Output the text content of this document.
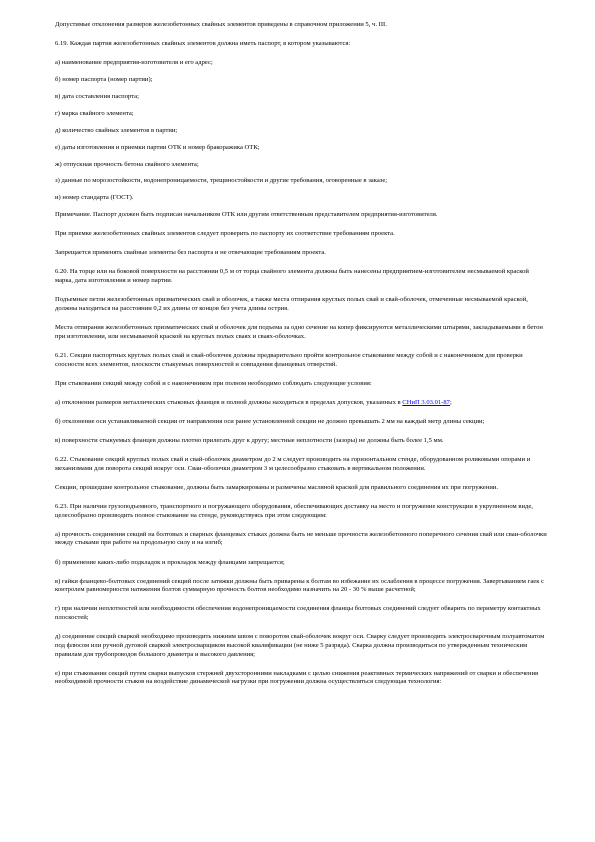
Допустимые отклонения размеров железобетонных свайных элементов приведены в справочном приложении 5, ч. III.

6.19. Каждая партия железобетонных свайных элементов должна иметь паспорт, в котором указываются:

а) наименование предприятия-изготовителя и его адрес;

б) номер паспорта (номер партии);

в) дата составления паспорта;

г) марка свайного элемента;

д) количество свайных элементов в партии;

е) даты изготовления и приемки партии ОТК и номер бракоражика ОТК;

ж) отпускная прочность бетона свайного элемента;

з) данные по морозостойкости, водонепроницаемости, трещиностойкости и другие требования, оговоренные в заказе;

и) номер стандарта (ГОСТ).

Примечание. Паспорт должен быть подписан начальником ОТК или другим ответственным представителем предприятия-изготовителя.

При приемке железобетонных свайных элементов следует проверить по паспорту их соответствие требованиям проекта.

Запрещается применять свайные элементы без паспорта и не отвечающие требованиям проекта.

6.20. На торце или на боковой поверхности на расстоянии 0,5 м от торца свайного элемента должны быть нанесены предприятием-изготовителем несмываемой краской марка, дата изготовления и номер партии.

Подъемные петли железобетонных призматических свай и оболочек, а также места отпирания круглых полых свай и свай-оболочек, отмеченные несмываемой краской, должны находиться на расстоянии 0,2 их длины от концов без учета длины острия.

Места отпирания железобетонных призматических свай и оболочек для подъема за одно сечение на копер фиксируются металлическими штырями, закладываемыми в бетон при изготовлении, или несмываемой краской на круглых полых сваях и сваях-оболочках.

6.21. Секции паспортных круглых полых свай и свай-оболочек должны предварительно пройти контрольное стыкование между собой и с наконечником для проверки соосности всех элементов, плоскости стыкуемых поверхностей и совпадения фланцевых отверстий.

При стыковании секций между собой и с наконечником при полном необходимо соблюдать следующие условия:

а) отклонения размеров металлических стыковых фланцев и полной должны находиться в пределах допусков, указанных в СНиП 3.03.01-87;

б) отклонение оси устанавливаемой секции от направления оси ранее установленной секции не должно превышать 2 мм на каждый метр длины секции;

в) поверхности стыкуемых фланцев должны плотно прилегать друг к другу; местные неплотности (зазоры) не должны быть более 1,5 мм.

6.22. Стыкование секций круглых полых свай и свай-оболочек диаметром до 2 м следует производить на горизонтальном стенде, оборудованном роликовыми опорами и механизмами для поворота секций вокруг оси. Сваи-оболочки диаметром 3 м целесообразно стыковать в вертикальном положении.

Секции, прошедшие контрольное стыкование, должны быть замаркированы и размечены масляной краской для правильного соединения их при погружении.

6.23. При наличии грузоподъемного, транспортного и погружающего оборудования, обеспечивающих доставку на место и погружение конструкции в укрупненном виде, целесообразно производить полное стыкование на стенде, руководствуясь при этом следующим:

а) прочность соединения секций на болтовых и сварных фланцевых стыках должна быть не меньше прочности железобетонного поперечного сечения свай или сваи-оболочки между стыками при работе на продольную силу и на изгиб;

б) применение каких-либо подкладок и прокладок между фланцами запрещается;

в) гайки фланцево-болтовых соединений секций после затяжки должны быть приварены к болтам во избежание их ослабления в процессе погружения. Завертыванием гаек с контролем равномерности натяжения болтов суммарную прочность болтов необходимо назначить на 20 - 30 % выше расчетной;

г) при наличии неплотностей или необходимости обеспечения водонепроницаемости соединения фланцы болтовых соединений следует обварить по периметру контактных плоскостей;

д) соединение секций сваркой необходимо производить нижним швом с поворотом свай-оболочек вокруг оси. Сварку следует производить электросварочным полуавтоматом под флюсом или ручной дуговой сваркой электросварщиком высокой квалификации (не ниже 5 разряда). Сварка должна производиться по утвержденным техническим правилам для трубопроводов большого диаметра и высокого давления;

е) при стыковании секций путем сварки выпусков стержней двухсторонними накладками с целью снижения реактивных термических напряжений от сварки и обеспечения необходимой прочности стыков на воздействие динамической нагрузки при погружении должна осуществляться следующая технология:
